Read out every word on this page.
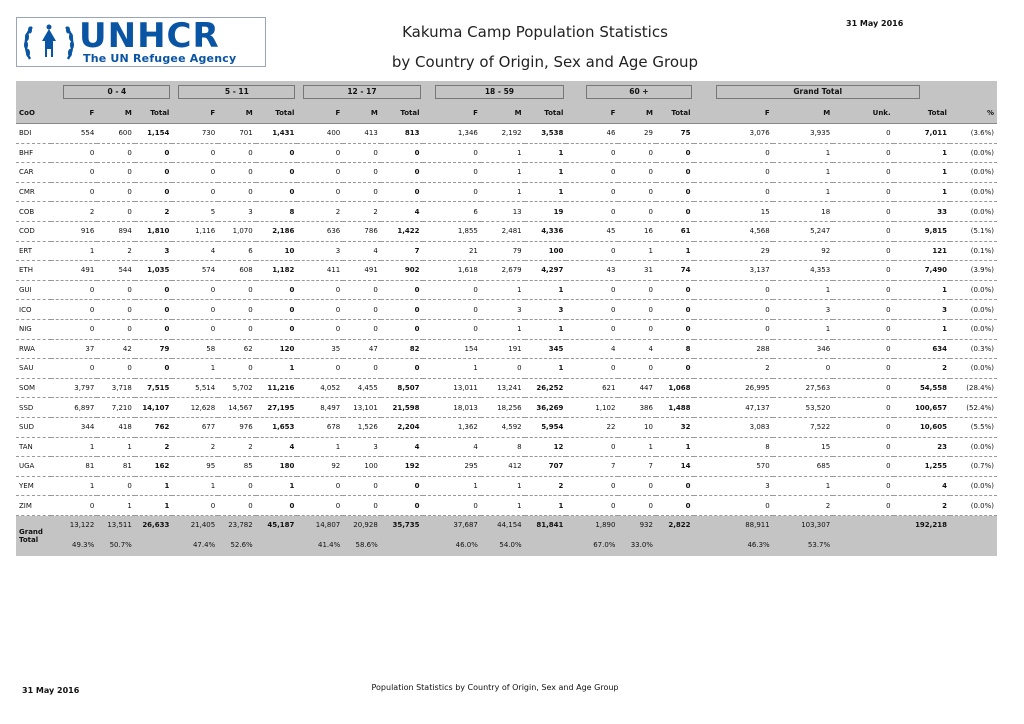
UNHCR
The UN Refugee Agency
Kakuma Camp Population Statistics
by Country of Origin, Sex and Age Group
31 May 2016

	0 - 4			5 - 11			12 - 17			18 - 59			60 +			Grand Total				

CoO	F	M	Total	F	M	Total	F	M	Total	F	M	Total	F	M	Total	F	M	Unk.	Total	%
BDI	554	600	1,154	730	701	1,431	400	413	813	1,346	2,192	3,538	46	29	75	3,076	3,935	0	7,011	(3.6%)
BHF	0	0	0	0	0	0	0	0	0	0	1	1	0	0	0	0	1	0	1	(0.0%)
CAR	0	0	0	0	0	0	0	0	0	0	1	1	0	0	0	0	1	0	1	(0.0%)
CMR	0	0	0	0	0	0	0	0	0	0	1	1	0	0	0	0	1	0	1	(0.0%)
COB	2	0	2	5	3	8	2	2	4	6	13	19	0	0	0	15	18	0	33	(0.0%)
COD	916	894	1,810	1,116	1,070	2,186	636	786	1,422	1,855	2,481	4,336	45	16	61	4,568	5,247	0	9,815	(5.1%)
ERT	1	2	3	4	6	10	3	4	7	21	79	100	0	1	1	29	92	0	121	(0.1%)
ETH	491	544	1,035	574	608	1,182	411	491	902	1,618	2,679	4,297	43	31	74	3,137	4,353	0	7,490	(3.9%)
GUI	0	0	0	0	0	0	0	0	0	0	1	1	0	0	0	0	1	0	1	(0.0%)
ICO	0	0	0	0	0	0	0	0	0	0	3	3	0	0	0	0	3	0	3	(0.0%)
NIG	0	0	0	0	0	0	0	0	0	0	1	1	0	0	0	0	1	0	1	(0.0%)
RWA	37	42	79	58	62	120	35	47	82	154	191	345	4	4	8	288	346	0	634	(0.3%)
SAU	0	0	0	1	0	1	0	0	0	1	0	1	0	0	0	2	0	0	2	(0.0%)
SOM	3,797	3,718	7,515	5,514	5,702	11,216	4,052	4,455	8,507	13,011	13,241	26,252	621	447	1,068	26,995	27,563	0	54,558	(28.4%)
SSD	6,897	7,210	14,107	12,628	14,567	27,195	8,497	13,101	21,598	18,013	18,256	36,269	1,102	386	1,488	47,137	53,520	0	100,657	(52.4%)
SUD	344	418	762	677	976	1,653	678	1,526	2,204	1,362	4,592	5,954	22	10	32	3,083	7,522	0	10,605	(5.5%)
TAN	1	1	2	2	2	4	1	3	4	4	8	12	0	1	1	8	15	0	23	(0.0%)
UGA	81	81	162	95	85	180	92	100	192	295	412	707	7	7	14	570	685	0	1,255	(0.7%)
YEM	1	0	1	1	0	1	0	0	0	1	1	2	0	0	0	3	1	0	4	(0.0%)
ZIM	0	1	1	0	0	0	0	0	0	0	1	1	0	0	0	0	2	0	2	(0.0%)
Grand Total	13,122	13,511	26,633	21,405	23,782	45,187	14,807	20,928	35,735	37,687	44,154	81,841	1,890	932	2,822	88,911	103,307		192,218	
	49.3%	50.7%		47.4%	52.6%		41.4%	58.6%		46.0%	54.0%		67.0%	33.0%		46.3%	53.7%			
31 May 2016	Population Statistics by Country of Origin, Sex and Age Group
